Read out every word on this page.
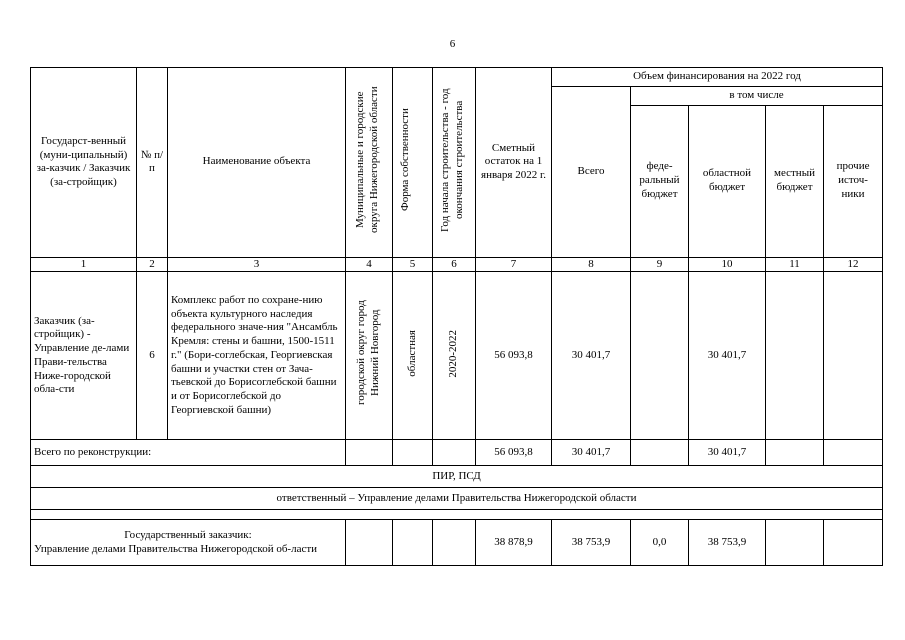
6
Государст-венный (муни-ципальный) за-казчик / Заказчик (за-стройщик)	№ п/п	Наименование объекта	Муниципальные и городские округа Нижегородской области	Форма собственности	Год начала строительства - год окончания строительства	Сметный остаток на 1 января 2022 г.	Объем финансирования на 2022 год				
							Всего	в том числе			
								феде-ральный бюджет	областной бюджет	местный бюджет	прочие источ-ники
1	2	3	4	5	6	7	8	9	10	11	12
Заказчик (за-стройщик) - Управление де-лами Прави-тельства Ниже-городской обла-сти	6	Комплекс работ по сохране-нию объекта культурного наследия федерального значе-ния "Ансамбль Кремля: стены и башни, 1500-1511 г." (Бори-соглебская, Георгиевская башни и участки стен от Зача-тьевской до Борисоглебской башни и от Борисоглебской до Георгиевской башни)	городской округ город Нижний Новгород	областная	2020-2022	56 093,8	30 401,7		30 401,7		
Всего по реконструкции:						56 093,8	30 401,7		30 401,7		
ПИР, ПСД											
ответственный – Управление делами Правительства Нижегородской области											

Государственный заказчик:
Управление делами Правительства Нижегородской об-ласти						38 878,9	38 753,9	0,0	38 753,9		
